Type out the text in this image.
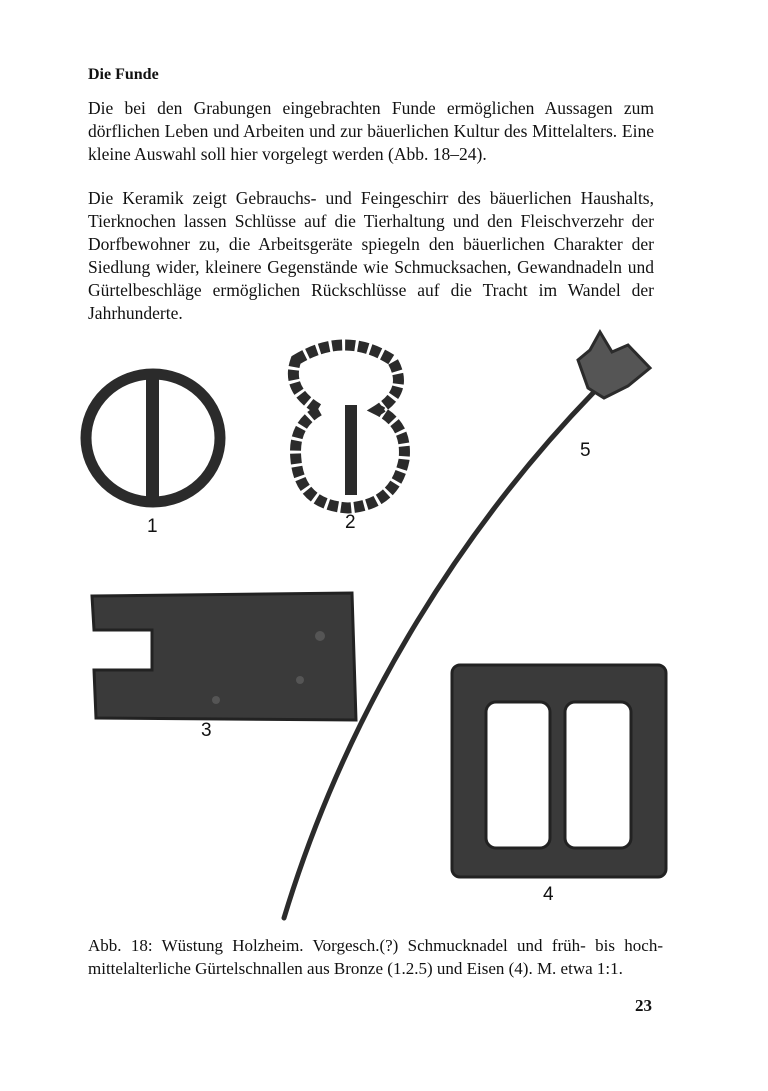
Die Funde
Die bei den Grabungen eingebrachten Funde ermöglichen Aussagen zum dörflichen Leben und Arbeiten und zur bäuerlichen Kultur des Mittelalters. Eine kleine Auswahl soll hier vorgelegt werden (Abb. 18–24).
Die Keramik zeigt Gebrauchs- und Feingeschirr des bäuerlichen Haushalts, Tierknochen lassen Schlüsse auf die Tierhaltung und den Fleischverzehr der Dorfbewohner zu, die Arbeitsgeräte spiegeln den bäuerlichen Charakter der Siedlung wider, kleinere Gegenstände wie Schmucksachen, Gewandnadeln und Gürtelbeschläge ermöglichen Rückschlüsse auf die Tracht im Wandel der Jahrhunderte.
1	2
3
4
5
Abb. 18: Wüstung Holzheim. Vorgesch.(?) Schmucknadel und früh- bis hoch-mittelalterliche Gürtelschnallen aus Bronze (1.2.5) und Eisen (4). M. etwa 1:1.
23
